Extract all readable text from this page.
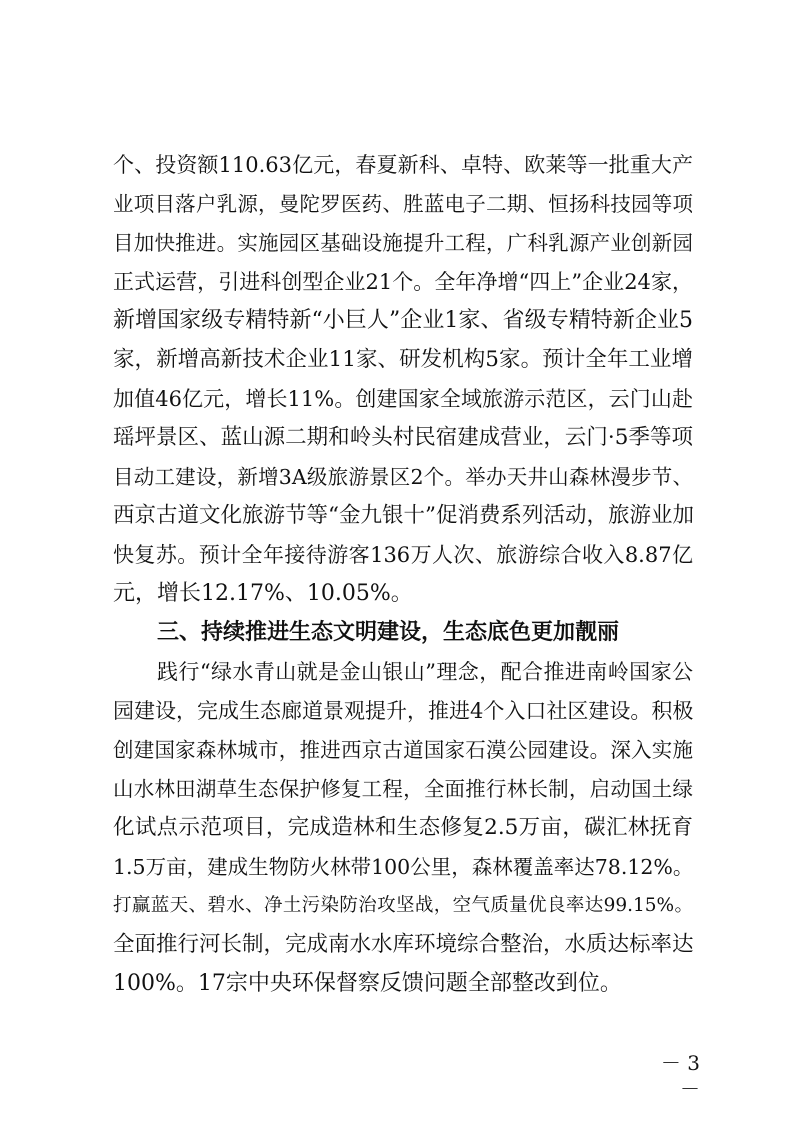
个、投资额110.63亿元，春夏新科、卓特、欧莱等一批重大产
业项目落户乳源，曼陀罗医药、胜蓝电子二期、恒扬科技园等项
目加快推进。实施园区基础设施提升工程，广科乳源产业创新园
正式运营，引进科创型企业21个。全年净增“四上”企业24家，
新增国家级专精特新“小巨人”企业1家、省级专精特新企业5
家，新增高新技术企业11家、研发机构5家。预计全年工业增
加值46亿元，增长11%。创建国家全域旅游示范区，云门山赴
瑶坪景区、蓝山源二期和岭头村民宿建成营业，云门·5季等项
目动工建设，新增3A级旅游景区2个。举办天井山森林漫步节、
西京古道文化旅游节等“金九银十”促消费系列活动，旅游业加
快复苏。预计全年接待游客136万人次、旅游综合收入8.87亿
元，增长12.17%、10.05%。
三、持续推进生态文明建设，生态底色更加靓丽
践行“绿水青山就是金山银山”理念，配合推进南岭国家公
园建设，完成生态廊道景观提升，推进4个入口社区建设。积极
创建国家森林城市，推进西京古道国家石漠公园建设。深入实施
山水林田湖草生态保护修复工程，全面推行林长制，启动国土绿
化试点示范项目，完成造林和生态修复2.5万亩，碳汇林抚育
1.5万亩，建成生物防火林带100公里，森林覆盖率达78.12%。
打赢蓝天、碧水、净土污染防治攻坚战，空气质量优良率达99.15%。
全面推行河长制，完成南水水库环境综合整治，水质达标率达
100%。17宗中央环保督察反馈问题全部整改到位。
－ 3 －
